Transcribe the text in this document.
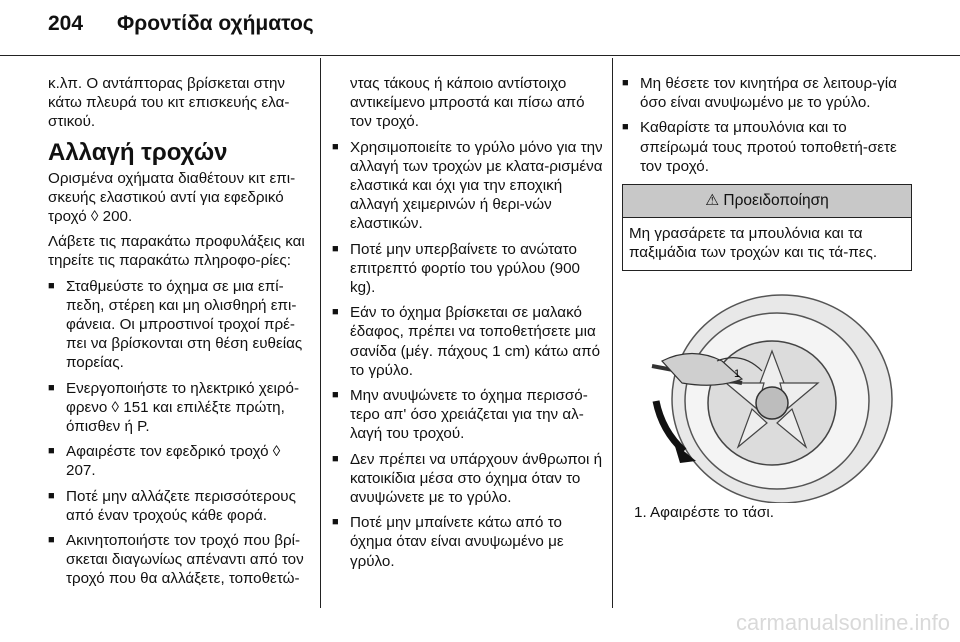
204 Φροντίδα οχήματος

κ.λπ. Ο αντάπτορας βρίσκεται στην κάτω πλευρά του κιτ επισκευής ελα-στικού.

Αλλαγή τροχών

Ορισμένα οχήματα διαθέτουν κιτ επι-σκευής ελαστικού αντί για εφεδρικό τροχό ◊ 200.

Λάβετε τις παρακάτω προφυλάξεις και τηρείτε τις παρακάτω πληροφο-ρίες:

■ Σταθμεύστε το όχημα σε μια επί-πεδη, στέρεη και μη ολισθηρή επι-φάνεια. Οι μπροστινοί τροχοί πρέ-πει να βρίσκονται στη θέση ευθείας πορείας.
■ Ενεργοποιήστε το ηλεκτρικό χειρό-φρενο ◊ 151 και επιλέξτε πρώτη, όπισθεν ή P.
■ Αφαιρέστε τον εφεδρικό τροχό ◊ 207.
■ Ποτέ μην αλλάζετε περισσότερους από έναν τροχούς κάθε φορά.
■ Ακινητοποιήστε τον τροχό που βρί-σκεται διαγωνίως απέναντι από τον τροχό που θα αλλάξετε, τοποθετώ-

ντας τάκους ή κάποιο αντίστοιχο αντικείμενο μπροστά και πίσω από τον τροχό.

■ Χρησιμοποιείτε το γρύλο μόνο για την αλλαγή των τροχών με κλατα-ρισμένα ελαστικά και όχι για την εποχική αλλαγή χειμερινών ή θερι-νών ελαστικών.
■ Ποτέ μην υπερβαίνετε το ανώτατο επιτρεπτό φορτίο του γρύλου (900 kg).
■ Εάν το όχημα βρίσκεται σε μαλακό έδαφος, πρέπει να τοποθετήσετε μια σανίδα (μέγ. πάχους 1 cm) κάτω από το γρύλο.
■ Μην ανυψώνετε το όχημα περισσό-τερο απ' όσο χρειάζεται για την αλ-λαγή του τροχού.
■ Δεν πρέπει να υπάρχουν άνθρωποι ή κατοικίδια μέσα στο όχημα όταν το ανυψώνετε με το γρύλο.
■ Ποτέ μην μπαίνετε κάτω από το όχημα όταν είναι ανυψωμένο με γρύλο.
■ Μη θέσετε τον κινητήρα σε λειτουρ-γία όσο είναι ανυψωμένο με το γρύλο.
■ Καθαρίστε τα μπουλόνια και το σπείρωμά τους προτού τοποθετή-σετε τον τροχό.
⚠ Προειδοποίηση
Μη γρασάρετε τα μπουλόνια και τα παξιμάδια των τροχών και τις τά-πες.
1

1. Αφαιρέστε το τάσι.

carmanualsonline.info
